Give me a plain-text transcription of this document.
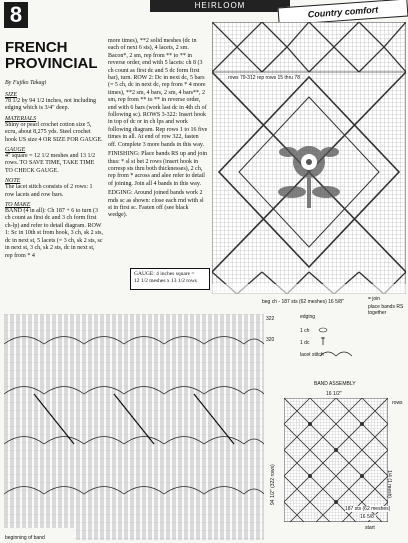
8	HEIRLOOM	Country comfort
FRENCH PROVINCIAL
By Fujiko Takagi
SIZE
78 1/2 by 94 1/2 inches, not including edging which is 3/4" deep.
MATERIALS
Shiny or pearl crochet cotton size 5, ecru, about 8,275 yds. Steel crochet hook US size 4 OR SIZE FOR GAUGE.
GAUGE
4" square = 12 1/2 meshes and 13 1/2 rows. TO SAVE TIME, TAKE TIME TO CHECK GAUGE.
NOTE
The lacet stitch consists of 2 rows: 1 row lacets and row bars.
TO MAKE
BAND (4 in all): Ch 187 + 6 to turn (3 ch count as first dc and 3 ch form first ch-lp) and refer to detail diagram. ROW 1: Sc in 10th st from hook, 3 ch, sk 2 sts, dc in next st, 5 lacets (= 3 ch, sk 2 sts, sc in next st, 3 ch, sk 2 sts, dc in next st, rep from * 4
more times), **2 solid meshes (dc in each of next 6 sts), 4 lacets, 2 sm. Bacon*, 2 sm, rep from ** to ** in reverse order, end with 5 lacets: ch 8 (3 ch count as first dc and 5 dc form first bar), turn. ROW 2: Dc in next dc, 5 bars (= 5 ch, dc in next dc, rep from * 4 more times), **2 sm, 4 bars, 2 sm, 4 bars**, 2 sm, rep from ** to ** in reverse order, end with 6 bars (work last dc in 4th ch of following sc). ROWS 3-322: Insert hook in top of dc or in ch lps and work following diagram. Rep rows 1 to 16 five times in all. At end of row 322, fasten off. Complete 3 more bands in this way.
FINISHING: Place bands RS up and join thus: * sl st bet 2 rows (insert hook in corresp sts thru both thicknesses), 2 ch, rep from * across and alee refer to detail of joining. Join all 4 bands in this way.
EDGING: Around joined bands work 2 rnds sc as shown: close each rnd with sl st in first sc. Fasten off (see black wedge).
GAUGE: 4 inches square =
12 1/2 meshes x 13 1/2 rows
rows 79-312 rep rows 15 thru 78
beg ch - 187 sts (62 meshes) 16 5/8"	= join
place bands RS together
322
320
edging
beginning of band
1 ch
1 dc
lacet stitch
BAND ASSEMBLY
16 1/2"
94 1/2" (322 rows)
187 sts (62 meshes)
16 5/8"
start
1/4 (1 mesh)
rows
